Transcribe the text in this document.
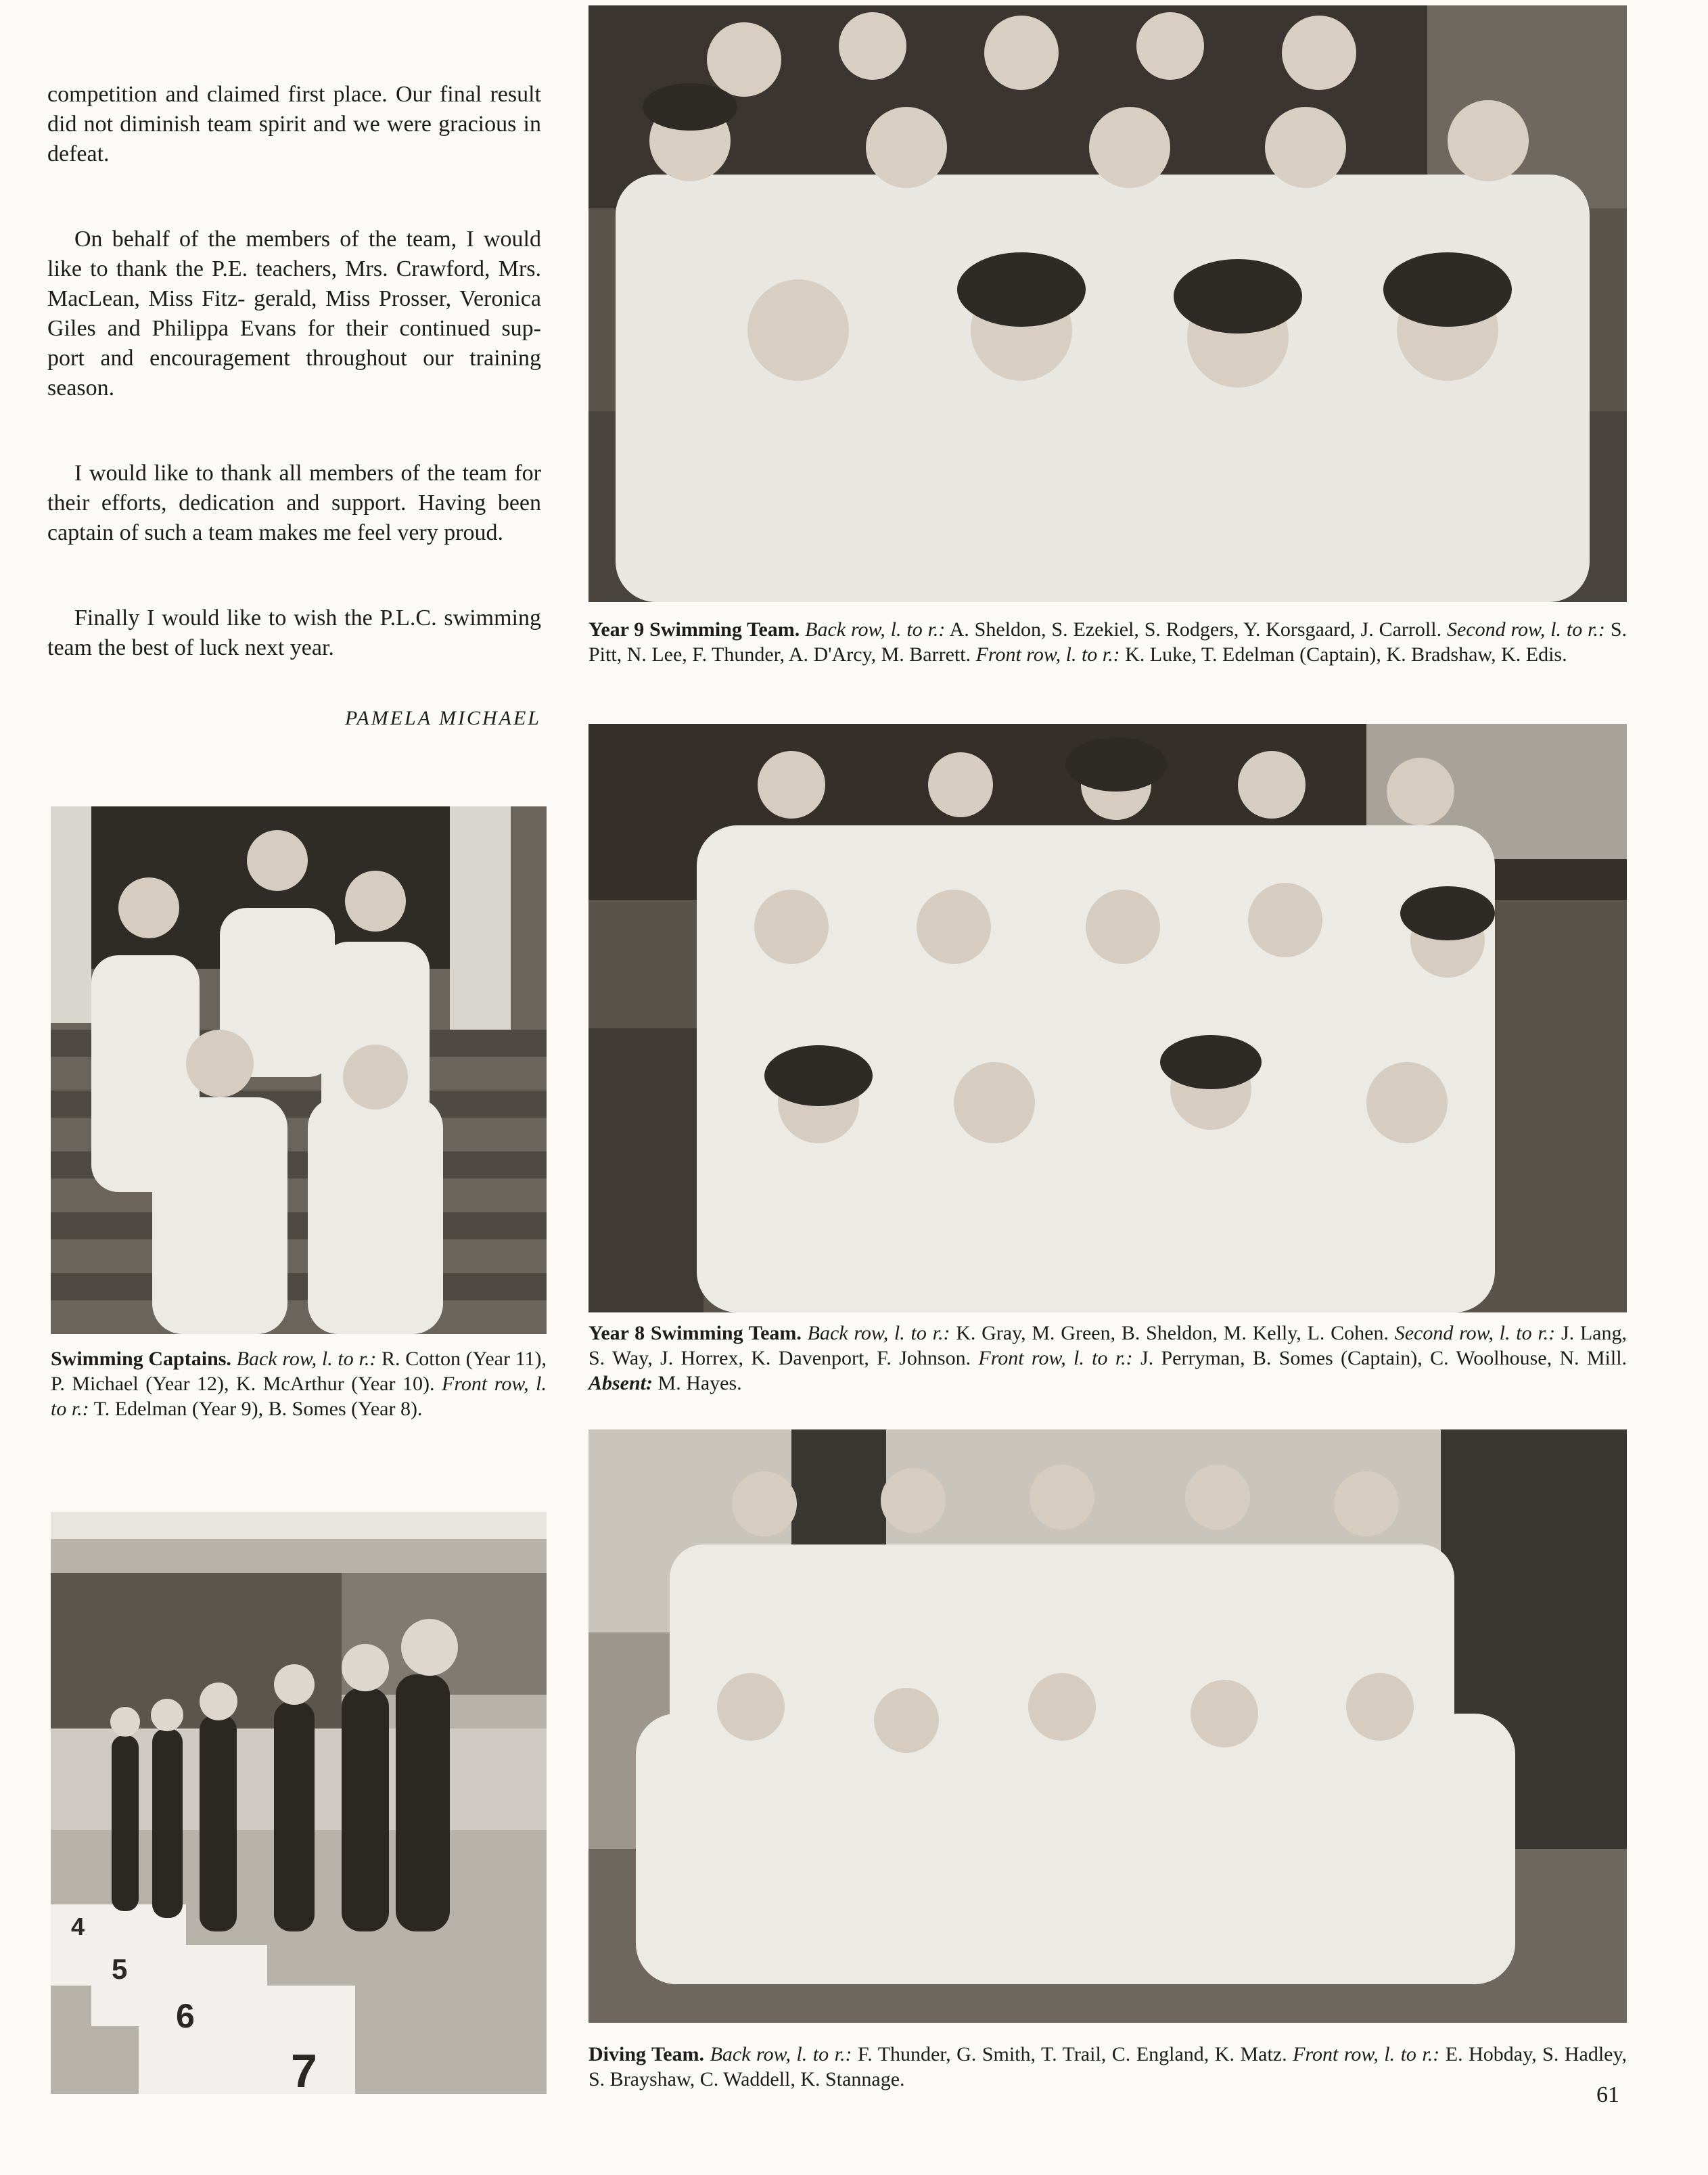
competition and claimed first place. Our final result did not diminish team spirit and we were gracious in defeat.

On behalf of the members of the team, I would like to thank the P.E. teachers, Mrs. Crawford, Mrs. MacLean, Miss Fitz- gerald, Miss Prosser, Veronica Giles and Philippa Evans for their continued sup- port and encouragement throughout our training season.

I would like to thank all members of the team for their efforts, dedication and support. Having been captain of such a team makes me feel very proud.

Finally I would like to wish the P.L.C. swimming team the best of luck next year.

PAMELA MICHAEL
Year 9 Swimming Team. Back row, l. to r.: A. Sheldon, S. Ezekiel, S. Rodgers, Y. Korsgaard, J. Carroll. Second row, l. to r.: S. Pitt, N. Lee, F. Thunder, A. D'Arcy, M. Barrett. Front row, l. to r.: K. Luke, T. Edelman (Captain), K. Bradshaw, K. Edis.
Swimming Captains. Back row, l. to r.: R. Cotton (Year 11), P. Michael (Year 12), K. McArthur (Year 10). Front row, l. to r.: T. Edelman (Year 9), B. Somes (Year 8).
Year 8 Swimming Team. Back row, l. to r.: K. Gray, M. Green, B. Sheldon, M. Kelly, L. Cohen. Second row, l. to r.: J. Lang, S. Way, J. Horrex, K. Davenport, F. Johnson. Front row, l. to r.: J. Perryman, B. Somes (Captain), C. Woolhouse, N. Mill. Absent: M. Hayes.
4
5
6
7	Diving Team. Back row, l. to r.: F. Thunder, G. Smith, T. Trail, C. England, K. Matz. Front row, l. to r.: E. Hobday, S. Hadley, S. Brayshaw, C. Waddell, K. Stannage.
61
